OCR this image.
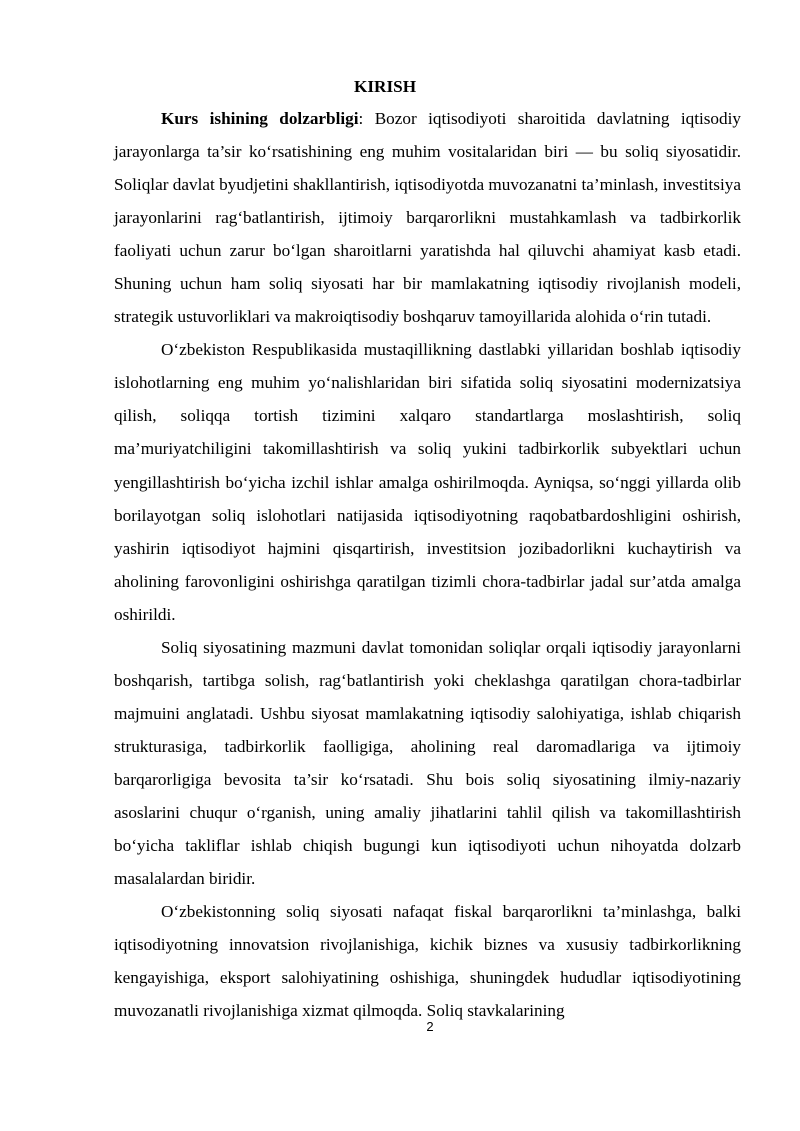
KIRISH

Kurs ishining dolzarbligi: Bozor iqtisodiyoti sharoitida davlatning iqtisodiy jarayonlarga ta’sir ko‘rsatishining eng muhim vositalaridan biri — bu soliq siyosatidir. Soliqlar davlat byudjetini shakllantirish, iqtisodiyotda muvozanatni ta’minlash, investitsiya jarayonlarini rag‘batlantirish, ijtimoiy barqarorlikni mustahkamlash va tadbirkorlik faoliyati uchun zarur bo‘lgan sharoitlarni yaratishda hal qiluvchi ahamiyat kasb etadi. Shuning uchun ham soliq siyosati har bir mamlakatning iqtisodiy rivojlanish modeli, strategik ustuvorliklari va makroiqtisodiy boshqaruv tamoyillarida alohida o‘rin tutadi.

O‘zbekiston Respublikasida mustaqillikning dastlabki yillaridan boshlab iqtisodiy islohotlarning eng muhim yo‘nalishlaridan biri sifatida soliq siyosatini modernizatsiya qilish, soliqqa tortish tizimini xalqaro standartlarga moslashtirish, soliq ma’muriyatchiligini takomillashtirish va soliq yukini tadbirkorlik subyektlari uchun yengillashtirish bo‘yicha izchil ishlar amalga oshirilmoqda. Ayniqsa, so‘nggi yillarda olib borilayotgan soliq islohotlari natijasida iqtisodiyotning raqobatbardoshligini oshirish, yashirin iqtisodiyot hajmini qisqartirish, investitsion jozibadorlikni kuchaytirish va aholining farovonligini oshirishga qaratilgan tizimli chora-tadbirlar jadal sur’atda amalga oshirildi.

Soliq siyosatining mazmuni davlat tomonidan soliqlar orqali iqtisodiy jarayonlarni boshqarish, tartibga solish, rag‘batlantirish yoki cheklashga qaratilgan chora-tadbirlar majmuini anglatadi. Ushbu siyosat mamlakatning iqtisodiy salohiyatiga, ishlab chiqarish strukturasiga, tadbirkorlik faolligiga, aholining real daromadlariga va ijtimoiy barqarorligiga bevosita ta’sir ko‘rsatadi. Shu bois soliq siyosatining ilmiy-nazariy asoslarini chuqur o‘rganish, uning amaliy jihatlarini tahlil qilish va takomillashtirish bo‘yicha takliflar ishlab chiqish bugungi kun iqtisodiyoti uchun nihoyatda dolzarb masalalardan biridir.

O‘zbekistonning soliq siyosati nafaqat fiskal barqarorlikni ta’minlashga, balki iqtisodiyotning innovatsion rivojlanishiga, kichik biznes va xususiy tadbirkorlikning kengayishiga, eksport salohiyatining oshishiga, shuningdek hududlar iqtisodiyotining muvozanatli rivojlanishiga xizmat qilmoqda. Soliq stavkalarining

2
